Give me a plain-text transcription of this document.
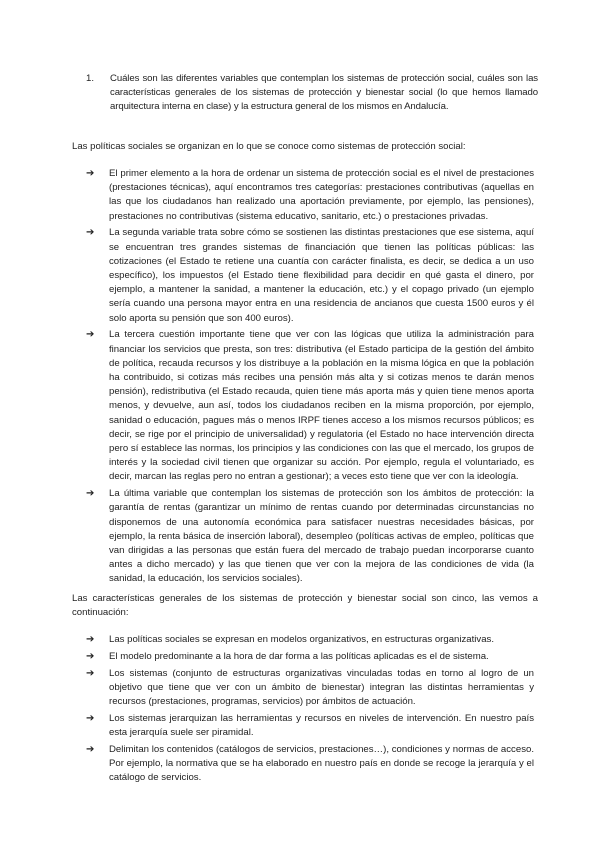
1.	Cuáles son las diferentes variables que contemplan los sistemas de protección social, cuáles son las características generales de los sistemas de protección y bienestar social (lo que hemos llamado arquitectura interna en clase) y la estructura general de los mismos en Andalucía.

Las políticas sociales se organizan en lo que se conoce como sistemas de protección social:

➔	El primer elemento a la hora de ordenar un sistema de protección social es el nivel de prestaciones (prestaciones técnicas), aquí encontramos tres categorías: prestaciones contributivas (aquellas en las que los ciudadanos han realizado una aportación previamente, por ejemplo, las pensiones), prestaciones no contributivas (sistema educativo, sanitario, etc.) o prestaciones privadas.
➔	La segunda variable trata sobre cómo se sostienen las distintas prestaciones que ese sistema, aquí se encuentran tres grandes sistemas de financiación que tienen las políticas públicas: las cotizaciones (el Estado te retiene una cuantía con carácter finalista, es decir, se dedica a un uso específico), los impuestos (el Estado tiene flexibilidad para decidir en qué gasta el dinero, por ejemplo, a mantener la sanidad, a mantener la educación, etc.) y el copago privado (un ejemplo sería cuando una persona mayor entra en una residencia de ancianos que cuesta 1500 euros y él solo aporta su pensión que son 400 euros).
➔	La tercera cuestión importante tiene que ver con las lógicas que utiliza la administración para financiar los servicios que presta, son tres: distributiva (el Estado participa de la gestión del ámbito de política, recauda recursos y los distribuye a la población en la misma lógica en que la población ha contribuido, si cotizas más recibes una pensión más alta y si cotizas menos te darán menos pensión), redistributiva (el Estado recauda, quien tiene más aporta más y quien tiene menos aporta menos, y devuelve, aun así, todos los ciudadanos reciben en la misma proporción, por ejemplo, sanidad o educación, pagues más o menos IRPF tienes acceso a los mismos recursos públicos; es decir, se rige por el principio de universalidad) y regulatoria (el Estado no hace intervención directa pero sí establece las normas, los principios y las condiciones con las que el mercado, los grupos de interés y la sociedad civil tienen que organizar su acción. Por ejemplo, regula el voluntariado, es decir, marcan las reglas pero no entran a gestionar); a veces esto tiene que ver con la ideología.
➔	La última variable que contemplan los sistemas de protección son los ámbitos de protección: la garantía de rentas (garantizar un mínimo de rentas cuando por determinadas circunstancias no disponemos de una autonomía económica para satisfacer nuestras necesidades básicas, por ejemplo, la renta básica de inserción laboral), desempleo (políticas activas de empleo, políticas que van dirigidas a las personas que están fuera del mercado de trabajo puedan incorporarse cuanto antes a dicho mercado) y las que tienen que ver con la mejora de las condiciones de vida (la sanidad, la educación, los servicios sociales).

Las características generales de los sistemas de protección y bienestar social son cinco, las vemos a continuación:

➔	Las políticas sociales se expresan en modelos organizativos, en estructuras organizativas.
➔	El modelo predominante a la hora de dar forma a las políticas aplicadas es el de sistema.
➔	Los sistemas (conjunto de estructuras organizativas vinculadas todas en torno al logro de un objetivo que tiene que ver con un ámbito de bienestar) integran las distintas herramientas y recursos (prestaciones, programas, servicios) por ámbitos de actuación.
➔	Los sistemas jerarquizan las herramientas y recursos en niveles de intervención. En nuestro país esta jerarquía suele ser piramidal.
➔	Delimitan los contenidos (catálogos de servicios, prestaciones…), condiciones y normas de acceso. Por ejemplo, la normativa que se ha elaborado en nuestro país en donde se recoge la jerarquía y el catálogo de servicios.
